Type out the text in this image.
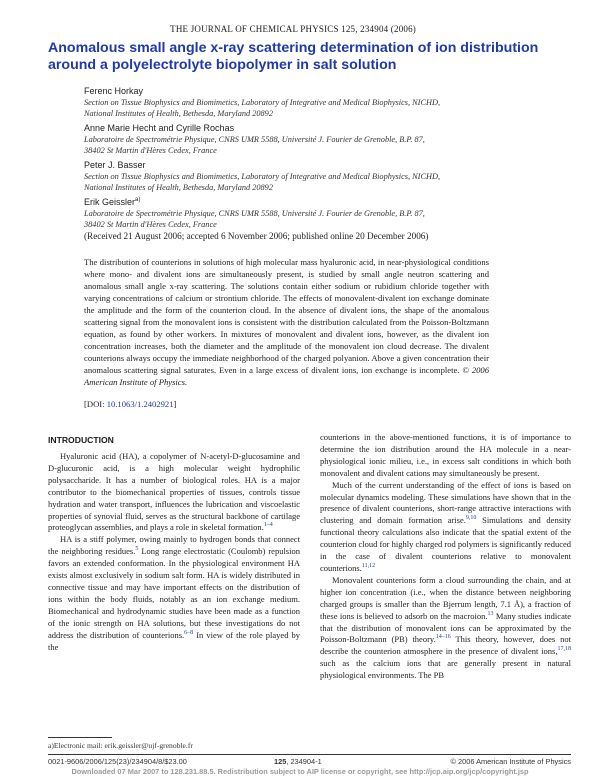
THE JOURNAL OF CHEMICAL PHYSICS 125, 234904 (2006)
Anomalous small angle x-ray scattering determination of ion distribution around a polyelectrolyte biopolymer in salt solution
Ferenc Horkay
Section on Tissue Biophysics and Biomimetics, Laboratory of Integrative and Medical Biophysics, NICHD,
National Institutes of Health, Bethesda, Maryland 20892
Anne Marie Hecht and Cyrille Rochas
Laboratoire de Spectrométrie Physique, CNRS UMR 5588, Université J. Fourier de Grenoble, B.P. 87,
38402 St Martin d'Hères Cedex, France
Peter J. Basser
Section on Tissue Biophysics and Biomimetics, Laboratory of Integrative and Medical Biophysics, NICHD,
National Institutes of Health, Bethesda, Maryland 20892
Erik Geissler$^{a)}$
Laboratoire de Spectrométrie Physique, CNRS UMR 5588, Université J. Fourier de Grenoble, B.P. 87,
38402 St Martin d'Hères Cedex, France
(Received 21 August 2006; accepted 6 November 2006; published online 20 December 2006)
The distribution of counterions in solutions of high molecular mass hyaluronic acid, in near-physiological conditions where mono- and divalent ions are simultaneously present, is studied by small angle neutron scattering and anomalous small angle x-ray scattering. The solutions contain either sodium or rubidium chloride together with varying concentrations of calcium or strontium chloride. The effects of monovalent-divalent ion exchange dominate the amplitude and the form of the counterion cloud. In the absence of divalent ions, the shape of the anomalous scattering signal from the monovalent ions is consistent with the distribution calculated from the Poisson-Boltzmann equation, as found by other workers. In mixtures of monovalent and divalent ions, however, as the divalent ion concentration increases, both the diameter and the amplitude of the monovalent ion cloud decrease. The divalent counterions always occupy the immediate neighborhood of the charged polyanion. Above a given concentration their anomalous scattering signal saturates. Even in a large excess of divalent ions, ion exchange is incomplete. © 2006 American Institute of Physics.
[DOI: 10.1063/1.2402921]
INTRODUCTION

Hyaluronic acid (HA), a copolymer of N-acetyl-D-glucosamine and D-glucuronic acid, is a high molecular weight hydrophilic polysaccharide. It has a number of biological roles. HA is a major contributor to the biomechanical properties of tissues, controls tissue hydration and water transport, influences the lubrication and viscoelastic properties of synovial fluid, serves as the structural backbone of cartilage proteoglycan assemblies, and plays a role in skeletal formation.$^{1-4}$

HA is a stiff polymer, owing mainly to hydrogen bonds that connect the neighboring residues.$^5$ Long range electrostatic (Coulomb) repulsion favors an extended conformation. In the physiological environment HA exists almost exclusively in sodium salt form. HA is widely distributed in connective tissue and may have important effects on the distribution of ions within the body fluids, notably as an ion exchange medium. Biomechanical and hydrodynamic studies have been made as a function of the ionic strength on HA solutions, but these investigations do not address the distribution of counterions.$^{6-8}$ In view of the role played by the

counterions in the above-mentioned functions, it is of importance to determine the ion distribution around the HA molecule in a near-physiological ionic milieu, i.e., in excess salt conditions in which both monovalent and divalent cations may simultaneously be present.

Much of the current understanding of the effect of ions is based on molecular dynamics modeling. These simulations have shown that in the presence of divalent counterions, short-range attractive interactions with clustering and domain formation arise.$^{9,10}$ Simulations and density functional theory calculations also indicate that the spatial extent of the counterion cloud for highly charged rod polymers is significantly reduced in the case of divalent counterions relative to monovalent counterions.$^{11,12}$

Monovalent counterions form a cloud surrounding the chain, and at higher ion concentration (i.e., when the distance between neighboring charged groups is smaller than the Bjerrum length, 7.1 Å), a fraction of these ions is believed to adsorb on the macroion.$^{13}$ Many studies indicate that the distribution of monovalent ions can be approximated by the Poisson-Boltzmann (PB) theory.$^{14-16}$ This theory, however, does not describe the counterion atmosphere in the presence of divalent ions,$^{17,18}$ such as the calcium ions that are generally present in natural physiological environments. The PB

a)Electronic mail: erik.geissler@ujf-grenoble.fr
0021-9606/2006/125(23)/234904/8/$23.00	125, 234904-1	© 2006 American Institute of Physics
Downloaded 07 Mar 2007 to 128.231.88.5. Redistribution subject to AIP license or copyright, see http://jcp.aip.org/jcp/copyright.jsp
